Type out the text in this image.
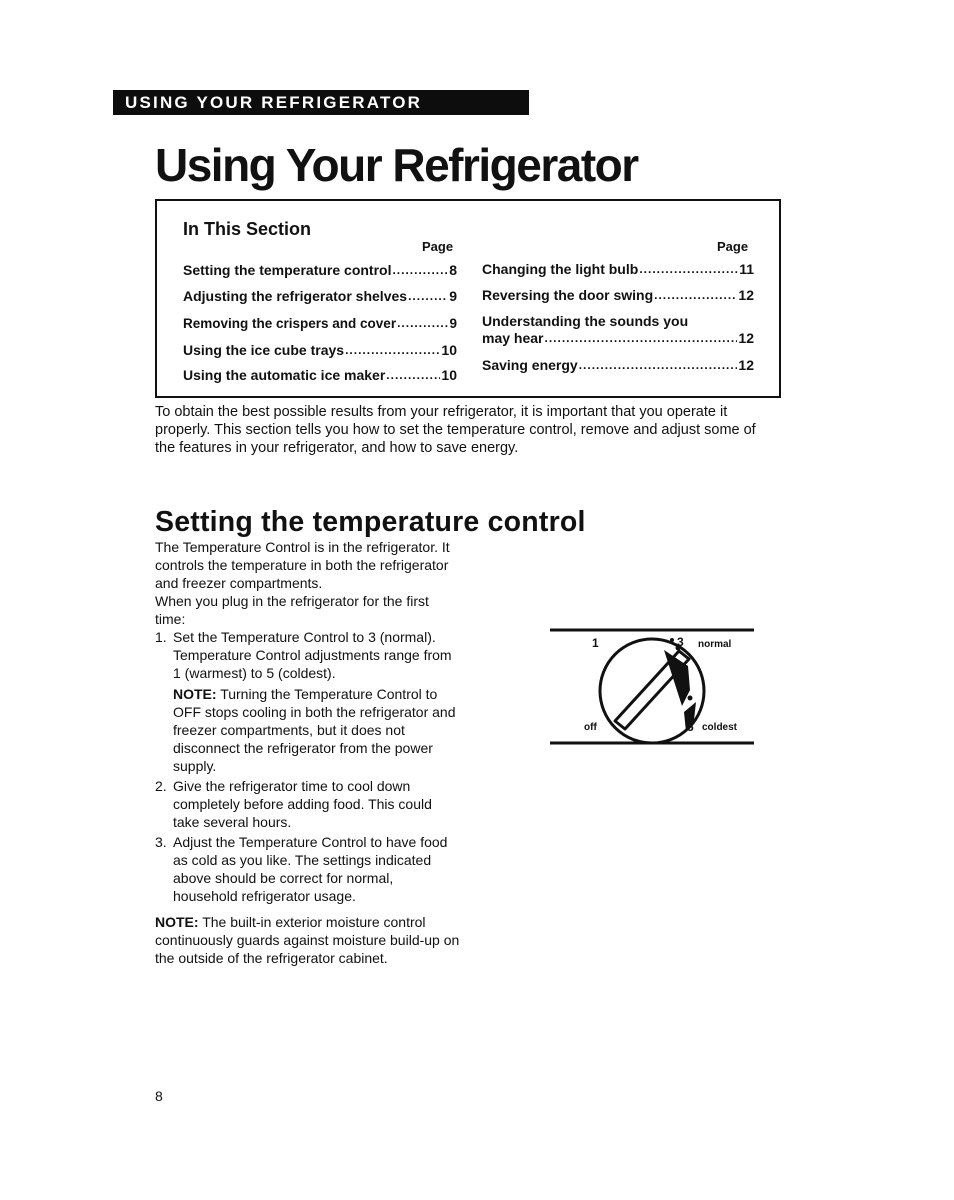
USING YOUR REFRIGERATOR
Using Your Refrigerator
In This Section
Page	Page
Setting the temperature control .....	8
Adjusting the refrigerator shelves .....	9
Removing the crispers and cover .....	9
Using the ice cube trays .....	10
Using the automatic ice maker .....	10
Changing the light bulb .....	11
Reversing the door swing .....	12
Understanding the sounds you
may hear .....	12
Saving energy .....	12

To obtain the best possible results from your refrigerator, it is important that you operate it properly. This section tells you how to set the temperature control, remove and adjust some of the features in your refrigerator, and how to save energy.

Setting the temperature control

The Temperature Control is in the refrigerator. It controls the temperature in both the refrigerator and freezer compartments.

When you plug in the refrigerator for the first time:

1. Set the Temperature Control to 3 (normal). Temperature Control adjustments range from 1 (warmest) to 5 (coldest).
NOTE: Turning the Temperature Control to OFF stops cooling in both the refrigerator and freezer compartments, but it does not disconnect the refrigerator from the power supply.
2. Give the refrigerator time to cool down completely before adding food. This could take several hours.
3. Adjust the Temperature Control to have food as cold as you like. The settings indicated above should be correct for normal, household refrigerator usage.

NOTE: The built-in exterior moisture control continuously guards against moisture build-up on the outside of the refrigerator cabinet.

1	3 normal
off	5 coldest
8
